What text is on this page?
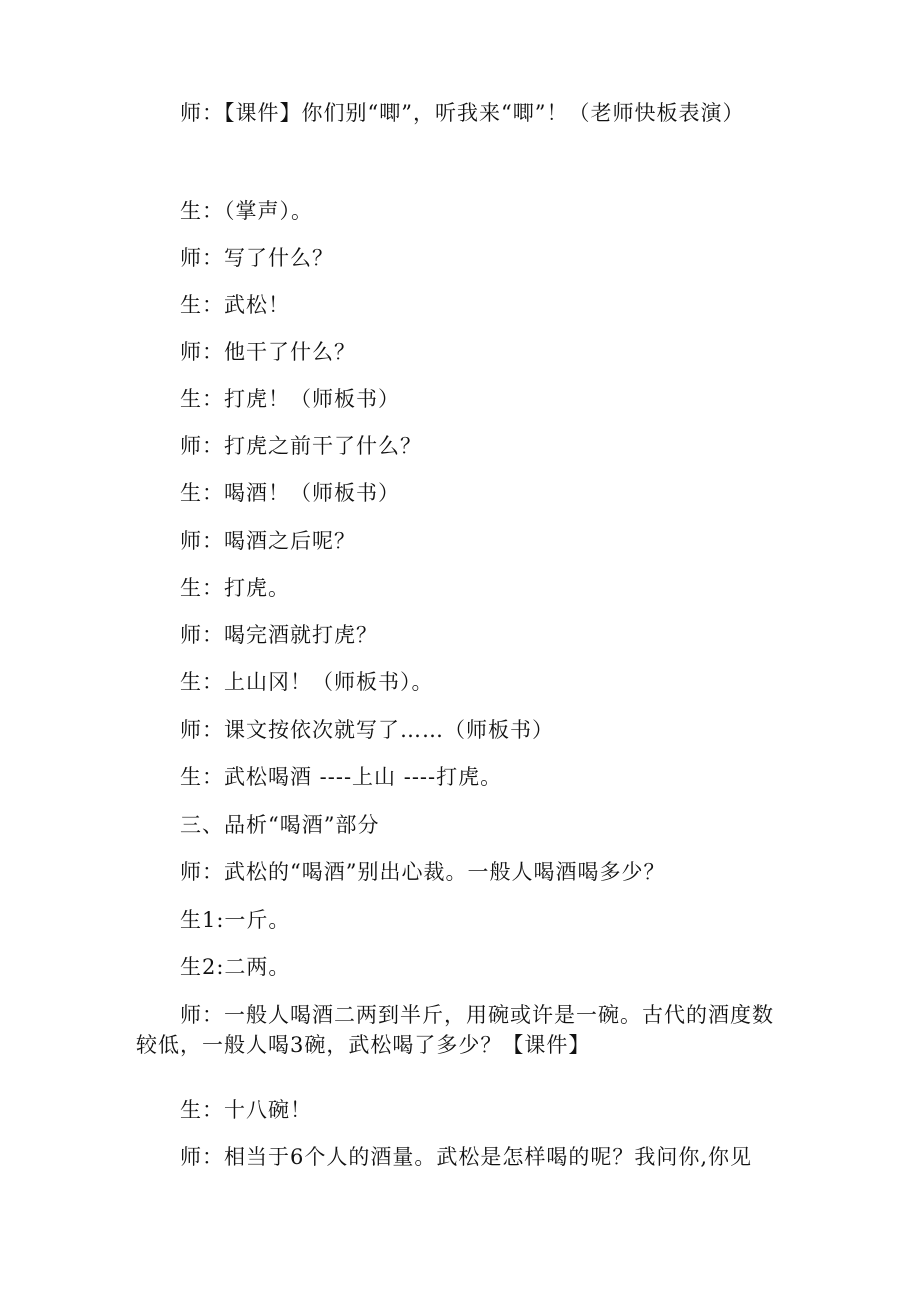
师：【课件】你们别“唧”，听我来“唧”！（老师快板表演）

生：（掌声）。

师：写了什么？

生：武松！

师：他干了什么？

生：打虎！（师板书）

师：打虎之前干了什么？

生：喝酒！（师板书）

师：喝酒之后呢？

生：打虎。

师：喝完酒就打虎？

生：上山冈！（师板书）。

师：课文按依次就写了……（师板书）

生：武松喝酒 ----上山 ----打虎。

三、品析“喝酒”部分

师：武松的“喝酒”别出心裁。一般人喝酒喝多少？

生1:一斤。

生2:二两。

师：一般人喝酒二两到半斤，用碗或许是一碗。古代的酒度数较低，一般人喝3碗，武松喝了多少？【课件】

生：十八碗！

师：相当于6个人的酒量。武松是怎样喝的呢？我问你,你见
